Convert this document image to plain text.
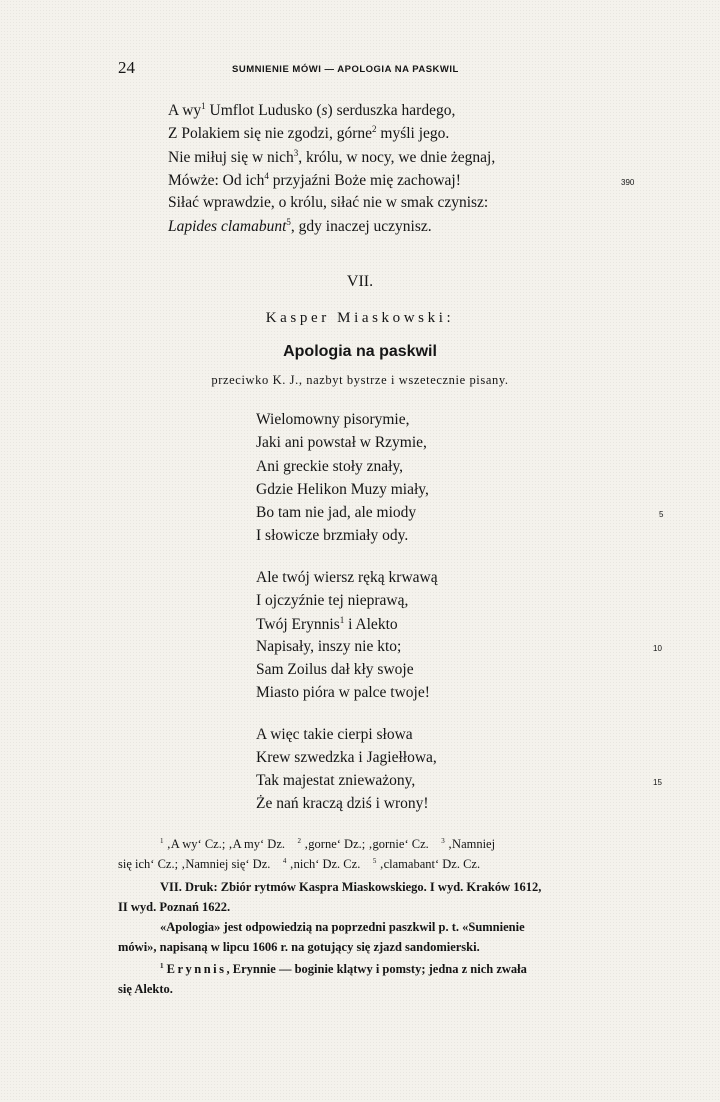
24	SUMNIENIE MÓWI — APOLOGIA NA PASKWIL
A $wy^1$ Umflot Ludusko (s) serduszka hardego,
Z Polakiem się nie zgodzi, górne$^2$ myśli jego.
Nie miłuj się w nich$^3$, królu, w nocy, we dnie żegnaj,
Mówże: Od ich$^4$ przyjaźni Boże mię zachowaj!	390
Siłać wprawdzie, o królu, siłać nie w smak czynisz:
Lapides clamabunt$^5$, gdy inaczej uczynisz.
VII.
Kasper Miaskowski:
Apologia na paskwil
przeciwko K. J., nazbyt bystrze i wszetecznie pisany.
Wielomowny pisorymie,
Jaki ani powstał w Rzymie,
Ani greckie stoły znały,
Gdzie Helikon Muzy miały,
Bo tam nie jad, ale miody	5
I słowicze brzmiały ody.
Ale twój wiersz ręką krwawą
I ojczyźnie tej nieprawą,
Twój Erynnis$^1$ i Alekto
Napisały, inszy nie kto;	10
Sam Zoilus dał kły swoje
Miasto pióra w palce twoje!
A więc takie cierpi słowa
Krew szwedzka i Jagiełłowa,
Tak majestat znieważony,	15
Że nań kraczą dziś i wrony!
$^1$ ‚A wy‘ Cz.; ‚A my‘ Dz. $^2$ ‚gorne‘ Dz.; ‚gornie‘ Cz. $^3$ ‚Namniej
się ich‘ Cz.; ‚Namniej się‘ Dz. $^4$ ‚nich‘ Dz. Cz. $^5$ ‚clamabant‘ Dz. Cz.
VII. Druk: Zbiór rytmów Kaspra Miaskowskiego. I wyd. Kraków 1612,
II wyd. Poznań 1622.
«Apologia» jest odpowiedzią na poprzedni paszkwil p. t. «Sumnienie
mówi», napisaną w lipcu 1606 r. na gotujący się zjazd sandomierski.
$^1$ Erynnis, Erynnie — boginie klątwy i pomsty; jedna z nich zwała
się Alekto.
